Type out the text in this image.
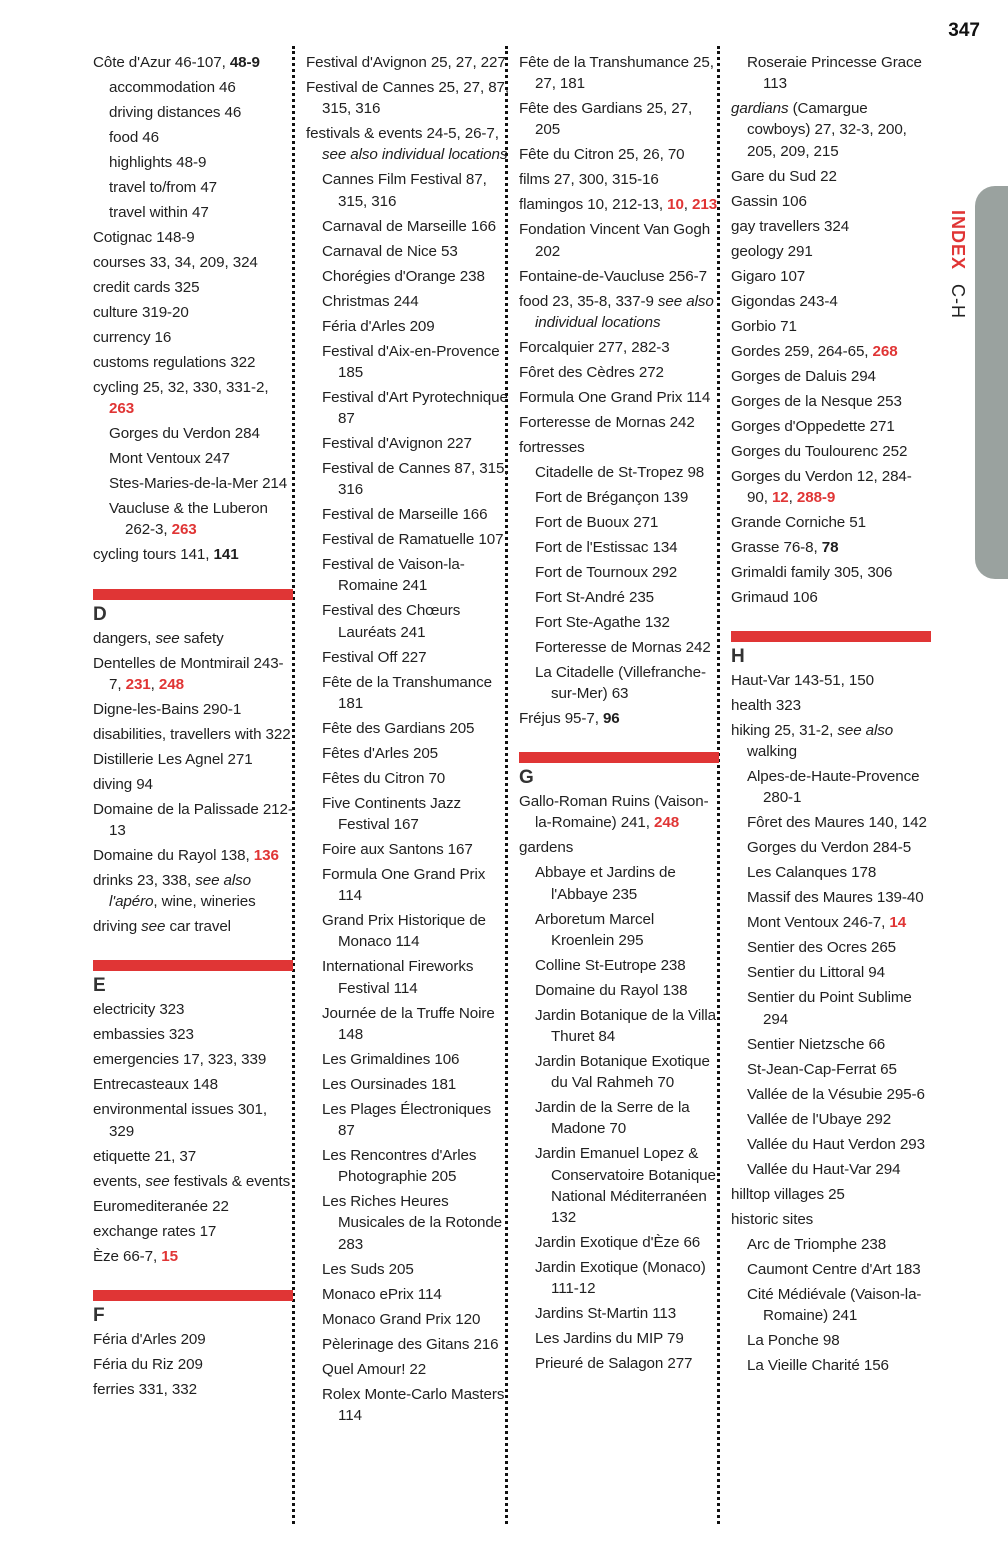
347
INDEX C-H
Côte d'Azur 46-107, 48-9
accommodation 46
driving distances 46
food 46
highlights 48-9
travel to/from 47
travel within 47
Cotignac 148-9
courses 33, 34, 209, 324
credit cards 325
culture 319-20
currency 16
customs regulations 322
cycling 25, 32, 330, 331-2, 263
Gorges du Verdon 284
Mont Ventoux 247
Stes-Maries-de-la-Mer 214
Vaucluse & the Luberon 262-3, 263
cycling tours 141, 141
D
dangers, see safety
Dentelles de Montmirail 243-7, 231, 248
Digne-les-Bains 290-1
disabilities, travellers with 322
Distillerie Les Agnel 271
diving 94
Domaine de la Palissade 212-13
Domaine du Rayol 138, 136
drinks 23, 338, see also l'apéro, wine, wineries
driving see car travel
E
electricity 323
embassies 323
emergencies 17, 323, 339
Entrecasteaux 148
environmental issues 301, 329
etiquette 21, 37
events, see festivals & events
Euromediteranée 22
exchange rates 17
Èze 66-7, 15
F
Féria d'Arles 209
Féria du Riz 209
ferries 331, 332
Festival d'Avignon 25, 27, 227
Festival de Cannes 25, 27, 87, 315, 316
festivals & events 24-5, 26-7, see also individual locations
Cannes Film Festival 87, 315, 316
Carnaval de Marseille 166
Carnaval de Nice 53
Chorégies d'Orange 238
Christmas 244
Féria d'Arles 209
Festival d'Aix-en-Provence 185
Festival d'Art Pyrotechnique 87
Festival d'Avignon 227
Festival de Cannes 87, 315, 316
Festival de Marseille 166
Festival de Ramatuelle 107
Festival de Vaison-la-Romaine 241
Festival des Chœurs Lauréats 241
Festival Off 227
Fête de la Transhumance 181
Fête des Gardians 205
Fêtes d'Arles 205
Fêtes du Citron 70
Five Continents Jazz Festival 167
Foire aux Santons 167
Formula One Grand Prix 114
Grand Prix Historique de Monaco 114
International Fireworks Festival 114
Journée de la Truffe Noire 148
Les Grimaldines 106
Les Oursinades 181
Les Plages Électroniques 87
Les Rencontres d'Arles Photographie 205
Les Riches Heures Musicales de la Rotonde 283
Les Suds 205
Monaco ePrix 114
Monaco Grand Prix 120
Pèlerinage des Gitans 216
Quel Amour! 22
Rolex Monte-Carlo Masters 114
Fête de la Transhumance 25, 27, 181
Fête des Gardians 25, 27, 205
Fête du Citron 25, 26, 70
films 27, 300, 315-16
flamingos 10, 212-13, 10, 213
Fondation Vincent Van Gogh 202
Fontaine-de-Vaucluse 256-7
food 23, 35-8, 337-9 see also individual locations
Forcalquier 277, 282-3
Fôret des Cèdres 272
Formula One Grand Prix 114
Forteresse de Mornas 242
fortresses
Citadelle de St-Tropez 98
Fort de Brégançon 139
Fort de Buoux 271
Fort de l'Estissac 134
Fort de Tournoux 292
Fort St-André 235
Fort Ste-Agathe 132
Forteresse de Mornas 242
La Citadelle (Villefranche-sur-Mer) 63
Fréjus 95-7, 96
G
Gallo-Roman Ruins (Vaison-la-Romaine) 241, 248
gardens
Abbaye et Jardins de l'Abbaye 235
Arboretum Marcel Kroenlein 295
Colline St-Eutrope 238
Domaine du Rayol 138
Jardin Botanique de la Villa Thuret 84
Jardin Botanique Exotique du Val Rahmeh 70
Jardin de la Serre de la Madone 70
Jardin Emanuel Lopez & Conservatoire Botanique National Méditerranéen 132
Jardin Exotique d'Èze 66
Jardin Exotique (Monaco) 111-12
Jardins St-Martin 113
Les Jardins du MIP 79
Prieuré de Salagon 277
Roseraie Princesse Grace 113
gardians (Camargue cowboys) 27, 32-3, 200, 205, 209, 215
Gare du Sud 22
Gassin 106
gay travellers 324
geology 291
Gigaro 107
Gigondas 243-4
Gorbio 71
Gordes 259, 264-65, 268
Gorges de Daluis 294
Gorges de la Nesque 253
Gorges d'Oppedette 271
Gorges du Toulourenc 252
Gorges du Verdon 12, 284-90, 12, 288-9
Grande Corniche 51
Grasse 76-8, 78
Grimaldi family 305, 306
Grimaud 106
H
Haut-Var 143-51, 150
health 323
hiking 25, 31-2, see also walking
Alpes-de-Haute-Provence 280-1
Fôret des Maures 140, 142
Gorges du Verdon 284-5
Les Calanques 178
Massif des Maures 139-40
Mont Ventoux 246-7, 14
Sentier des Ocres 265
Sentier du Littoral 94
Sentier du Point Sublime 294
Sentier Nietzsche 66
St-Jean-Cap-Ferrat 65
Vallée de la Vésubie 295-6
Vallée de l'Ubaye 292
Vallée du Haut Verdon 293
Vallée du Haut-Var 294
hilltop villages 25
historic sites
Arc de Triomphe 238
Caumont Centre d'Art 183
Cité Médiévale (Vaison-la-Romaine) 241
La Ponche 98
La Vieille Charité 156
